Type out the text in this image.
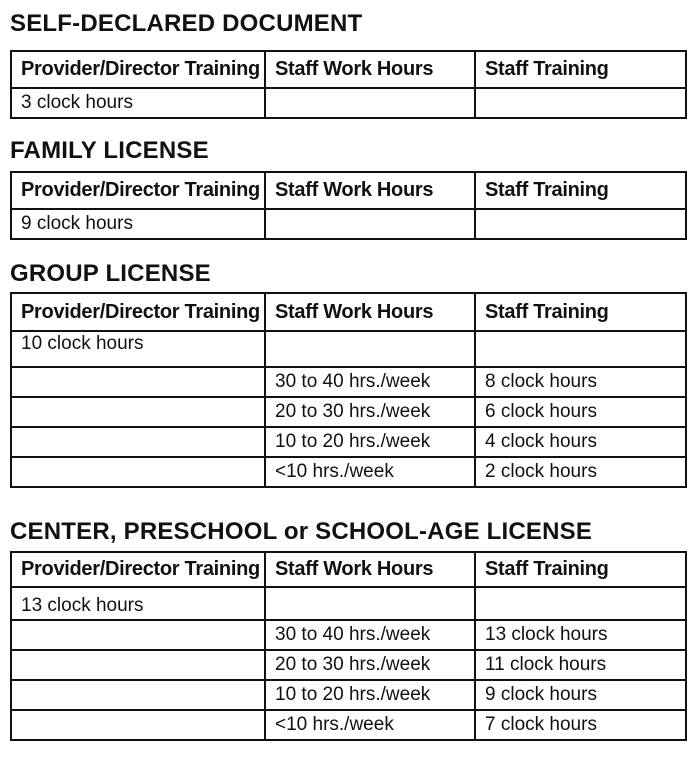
SELF-DECLARED DOCUMENT
Provider/Director Training	Staff Work Hours	Staff Training
3 clock hours		
FAMILY LICENSE
Provider/Director Training	Staff Work Hours	Staff Training
9 clock hours		
GROUP LICENSE
Provider/Director Training	Staff Work Hours	Staff Training
10 clock hours		
	30 to 40 hrs./week	8 clock hours
	20 to 30 hrs./week	6 clock hours
	10 to 20 hrs./week	4 clock hours
	<10 hrs./week	2 clock hours
CENTER, PRESCHOOL or SCHOOL-AGE LICENSE
Provider/Director Training	Staff Work Hours	Staff Training
13 clock hours		
	30 to 40 hrs./week	13 clock hours
	20 to 30 hrs./week	11 clock hours
	10 to 20 hrs./week	9 clock hours
	<10 hrs./week	7 clock hours
